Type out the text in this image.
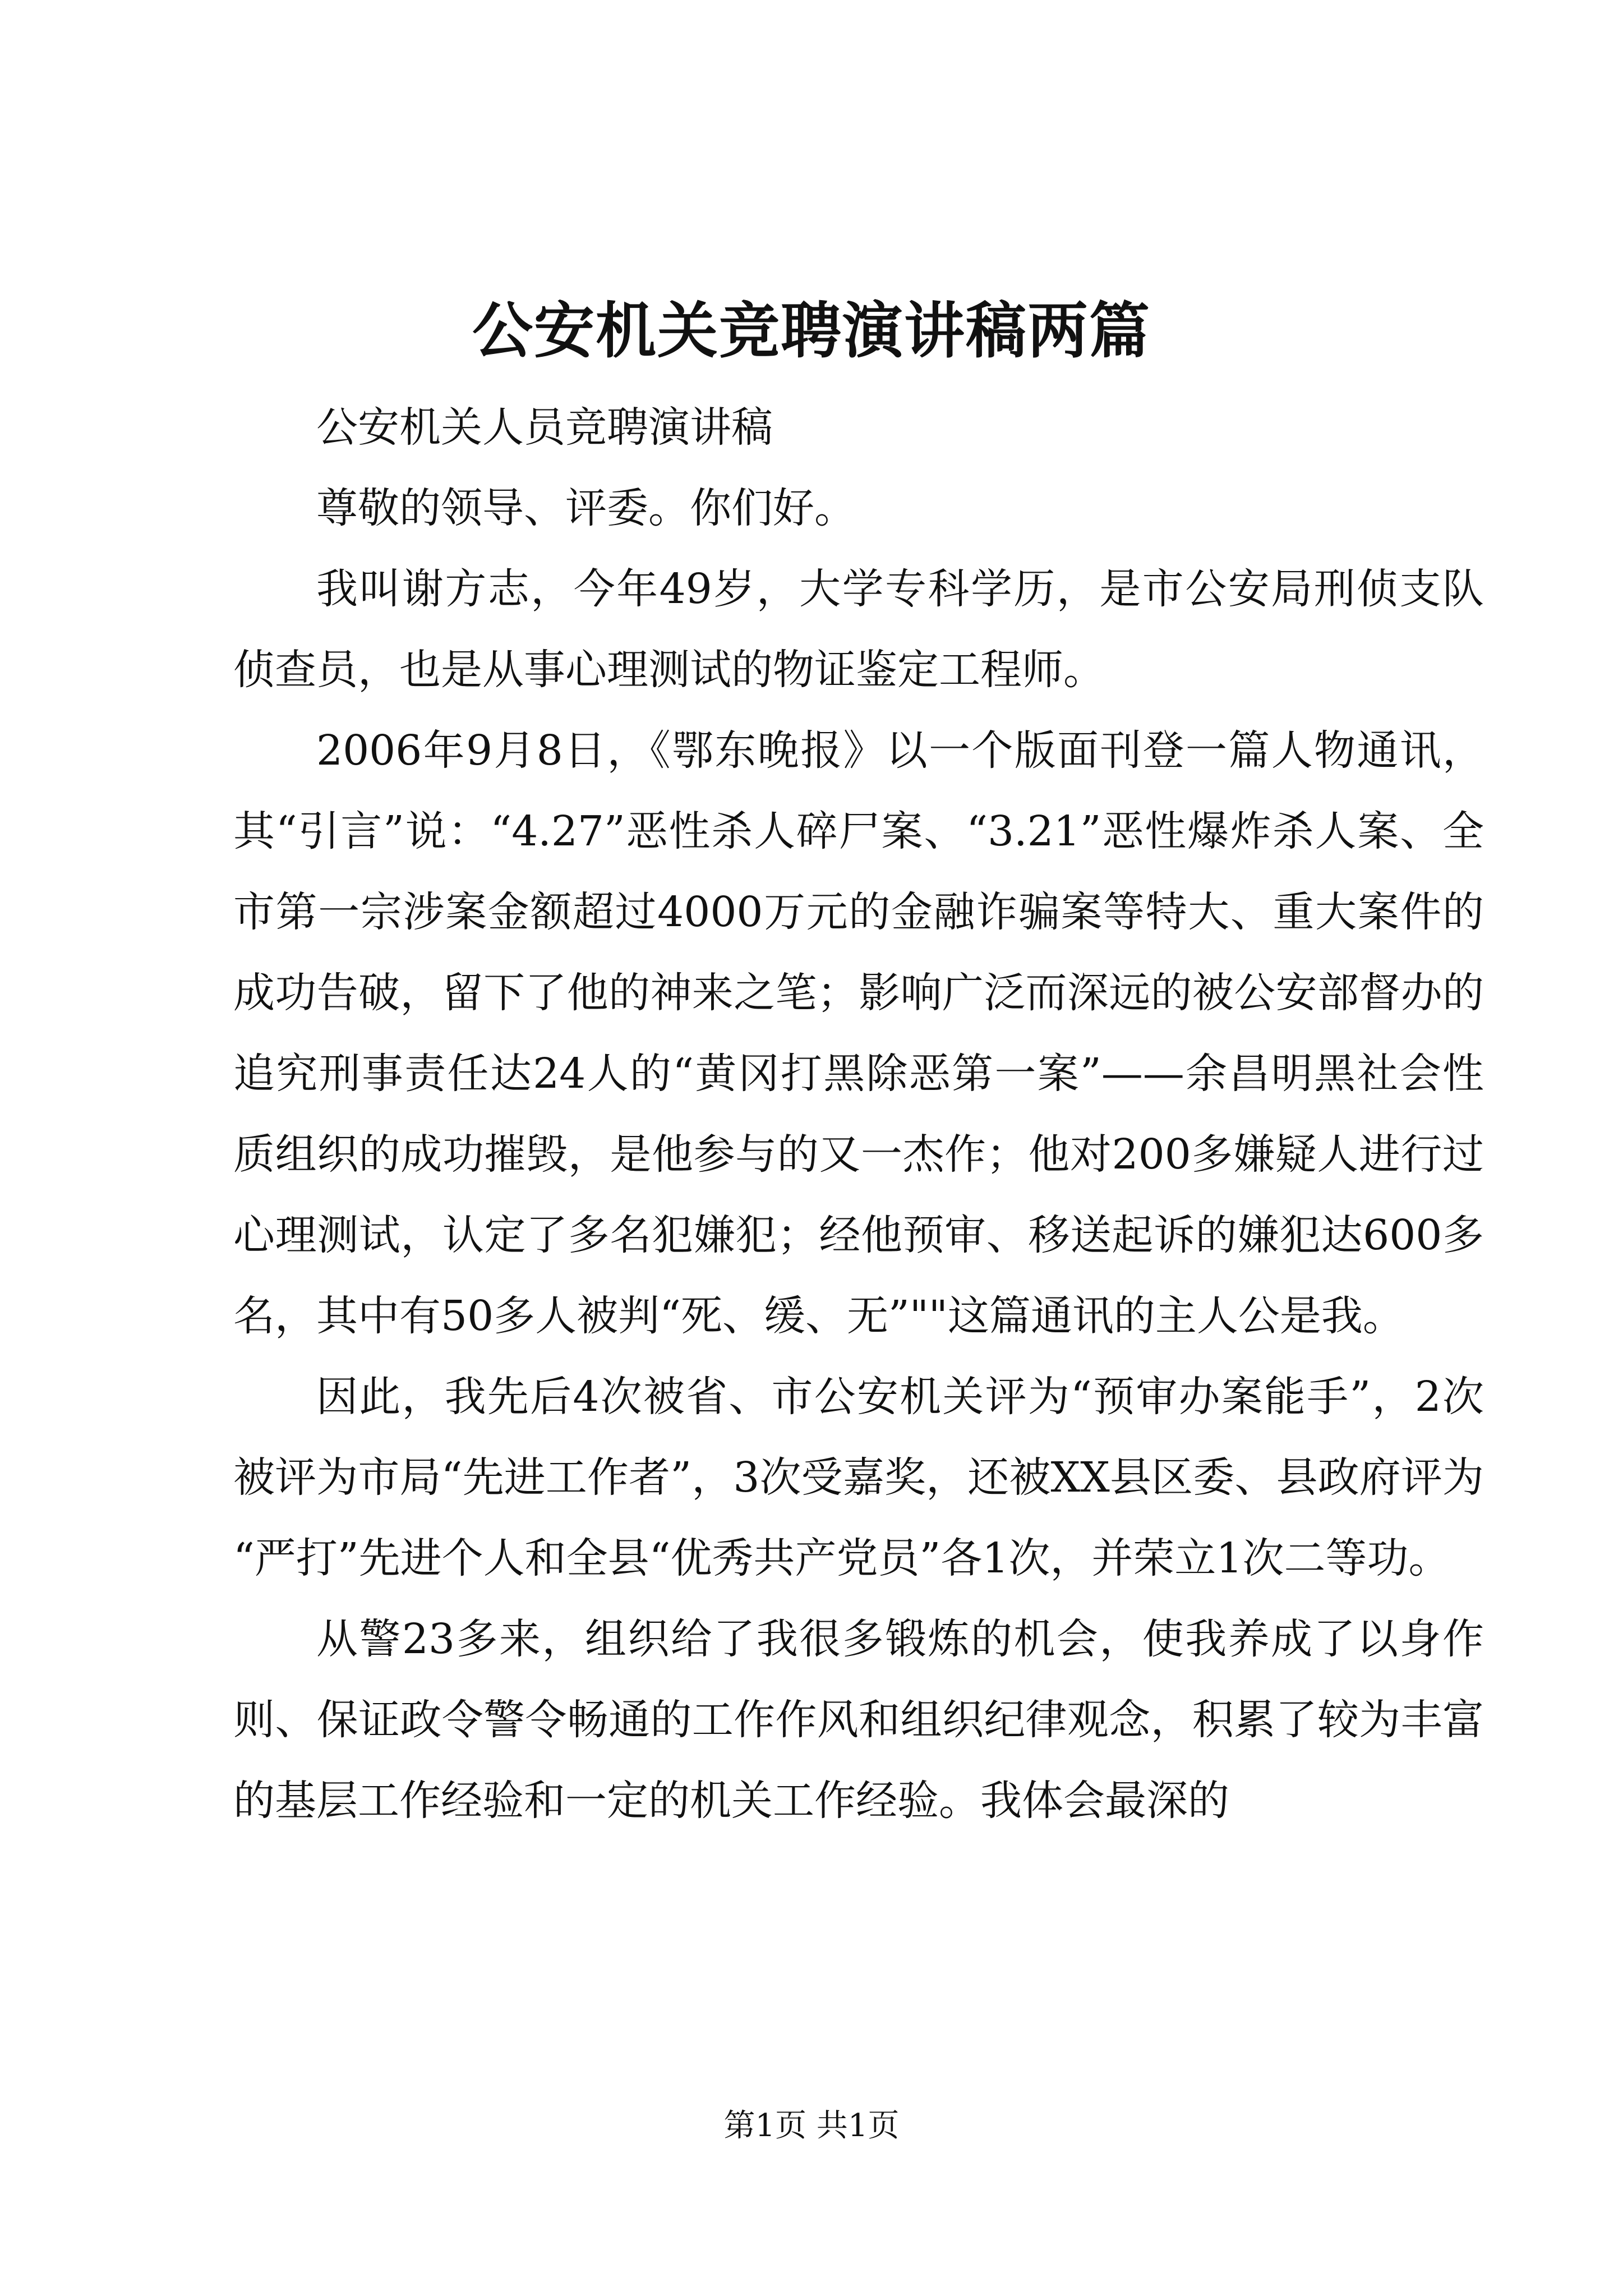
公安机关竞聘演讲稿两篇

公安机关人员竞聘演讲稿

尊敬的领导、评委。你们好。

我叫谢方志，今年49岁，大学专科学历，是市公安局刑侦支队侦查员，也是从事心理测试的物证鉴定工程师。

2006年9月8日，《鄂东晚报》以一个版面刊登一篇人物通讯，其“引言”说：“4.27”恶性杀人碎尸案、“3.21”恶性爆炸杀人案、全市第一宗涉案金额超过4000万元的金融诈骗案等特大、重大案件的成功告破，留下了他的神来之笔；影响广泛而深远的被公安部督办的追究刑事责任达24人的“黄冈打黑除恶第一案”——余昌明黑社会性质组织的成功摧毁，是他参与的又一杰作；他对200多嫌疑人进行过心理测试，认定了多名犯嫌犯；经他预审、移送起诉的嫌犯达600多名，其中有50多人被判“死、缓、无”""这篇通讯的主人公是我。

因此，我先后4次被省、市公安机关评为“预审办案能手”，2次被评为市局“先进工作者”，3次受嘉奖，还被XX县区委、县政府评为“严打”先进个人和全县“优秀共产党员”各1次，并荣立1次二等功。

从警23多来，组织给了我很多锻炼的机会，使我养成了以身作则、保证政令警令畅通的工作作风和组织纪律观念，积累了较为丰富的基层工作经验和一定的机关工作经验。我体会最深的

第1页 共1页
